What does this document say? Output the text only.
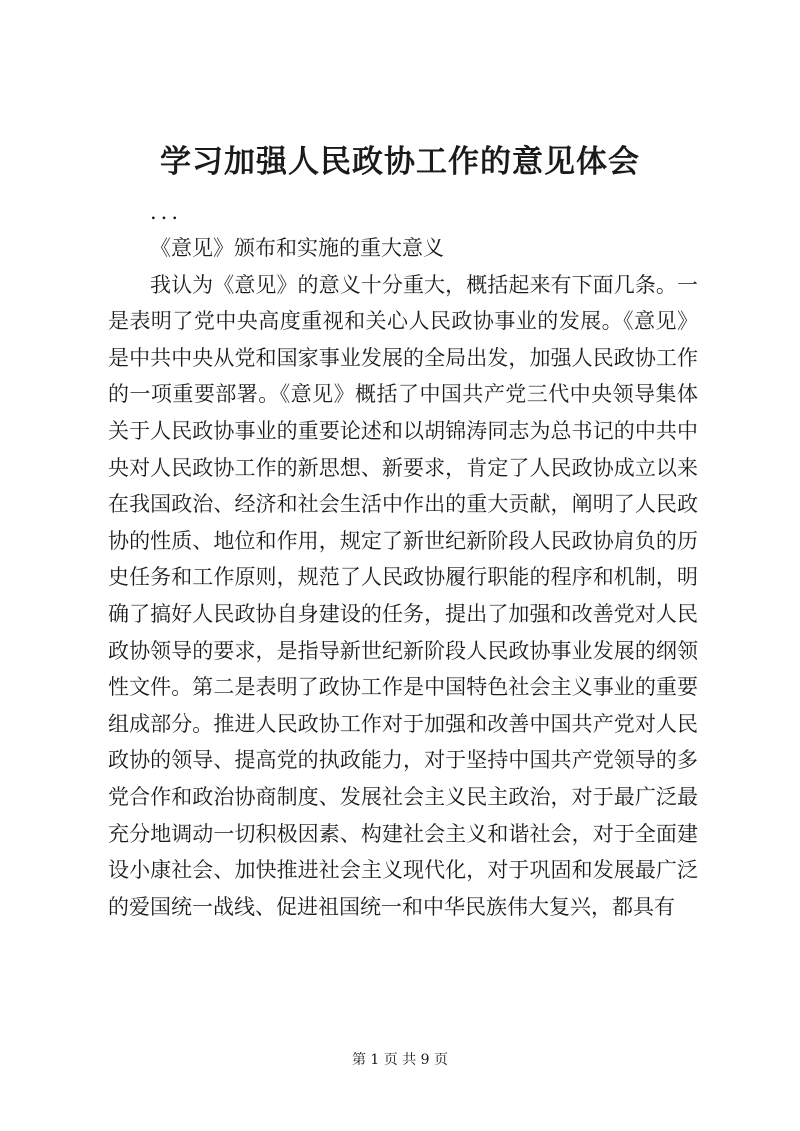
学习加强人民政协工作的意见体会
...
《意见》颁布和实施的重大意义

我认为《意见》的意义十分重大，概括起来有下面几条。一是表明了党中央高度重视和关心人民政协事业的发展。《意见》是中共中央从党和国家事业发展的全局出发，加强人民政协工作的一项重要部署。《意见》概括了中国共产党三代中央领导集体关于人民政协事业的重要论述和以胡锦涛同志为总书记的中共中央对人民政协工作的新思想、新要求，肯定了人民政协成立以来在我国政治、经济和社会生活中作出的重大贡献，阐明了人民政协的性质、地位和作用，规定了新世纪新阶段人民政协肩负的历史任务和工作原则，规范了人民政协履行职能的程序和机制，明确了搞好人民政协自身建设的任务，提出了加强和改善党对人民政协领导的要求，是指导新世纪新阶段人民政协事业发展的纲领性文件。第二是表明了政协工作是中国特色社会主义事业的重要组成部分。推进人民政协工作对于加强和改善中国共产党对人民政协的领导、提高党的执政能力，对于坚持中国共产党领导的多党合作和政治协商制度、发展社会主义民主政治，对于最广泛最充分地调动一切积极因素、构建社会主义和谐社会，对于全面建设小康社会、加快推进社会主义现代化，对于巩固和发展最广泛的爱国统一战线、促进祖国统一和中华民族伟大复兴，都具有

第 1 页 共 9 页
